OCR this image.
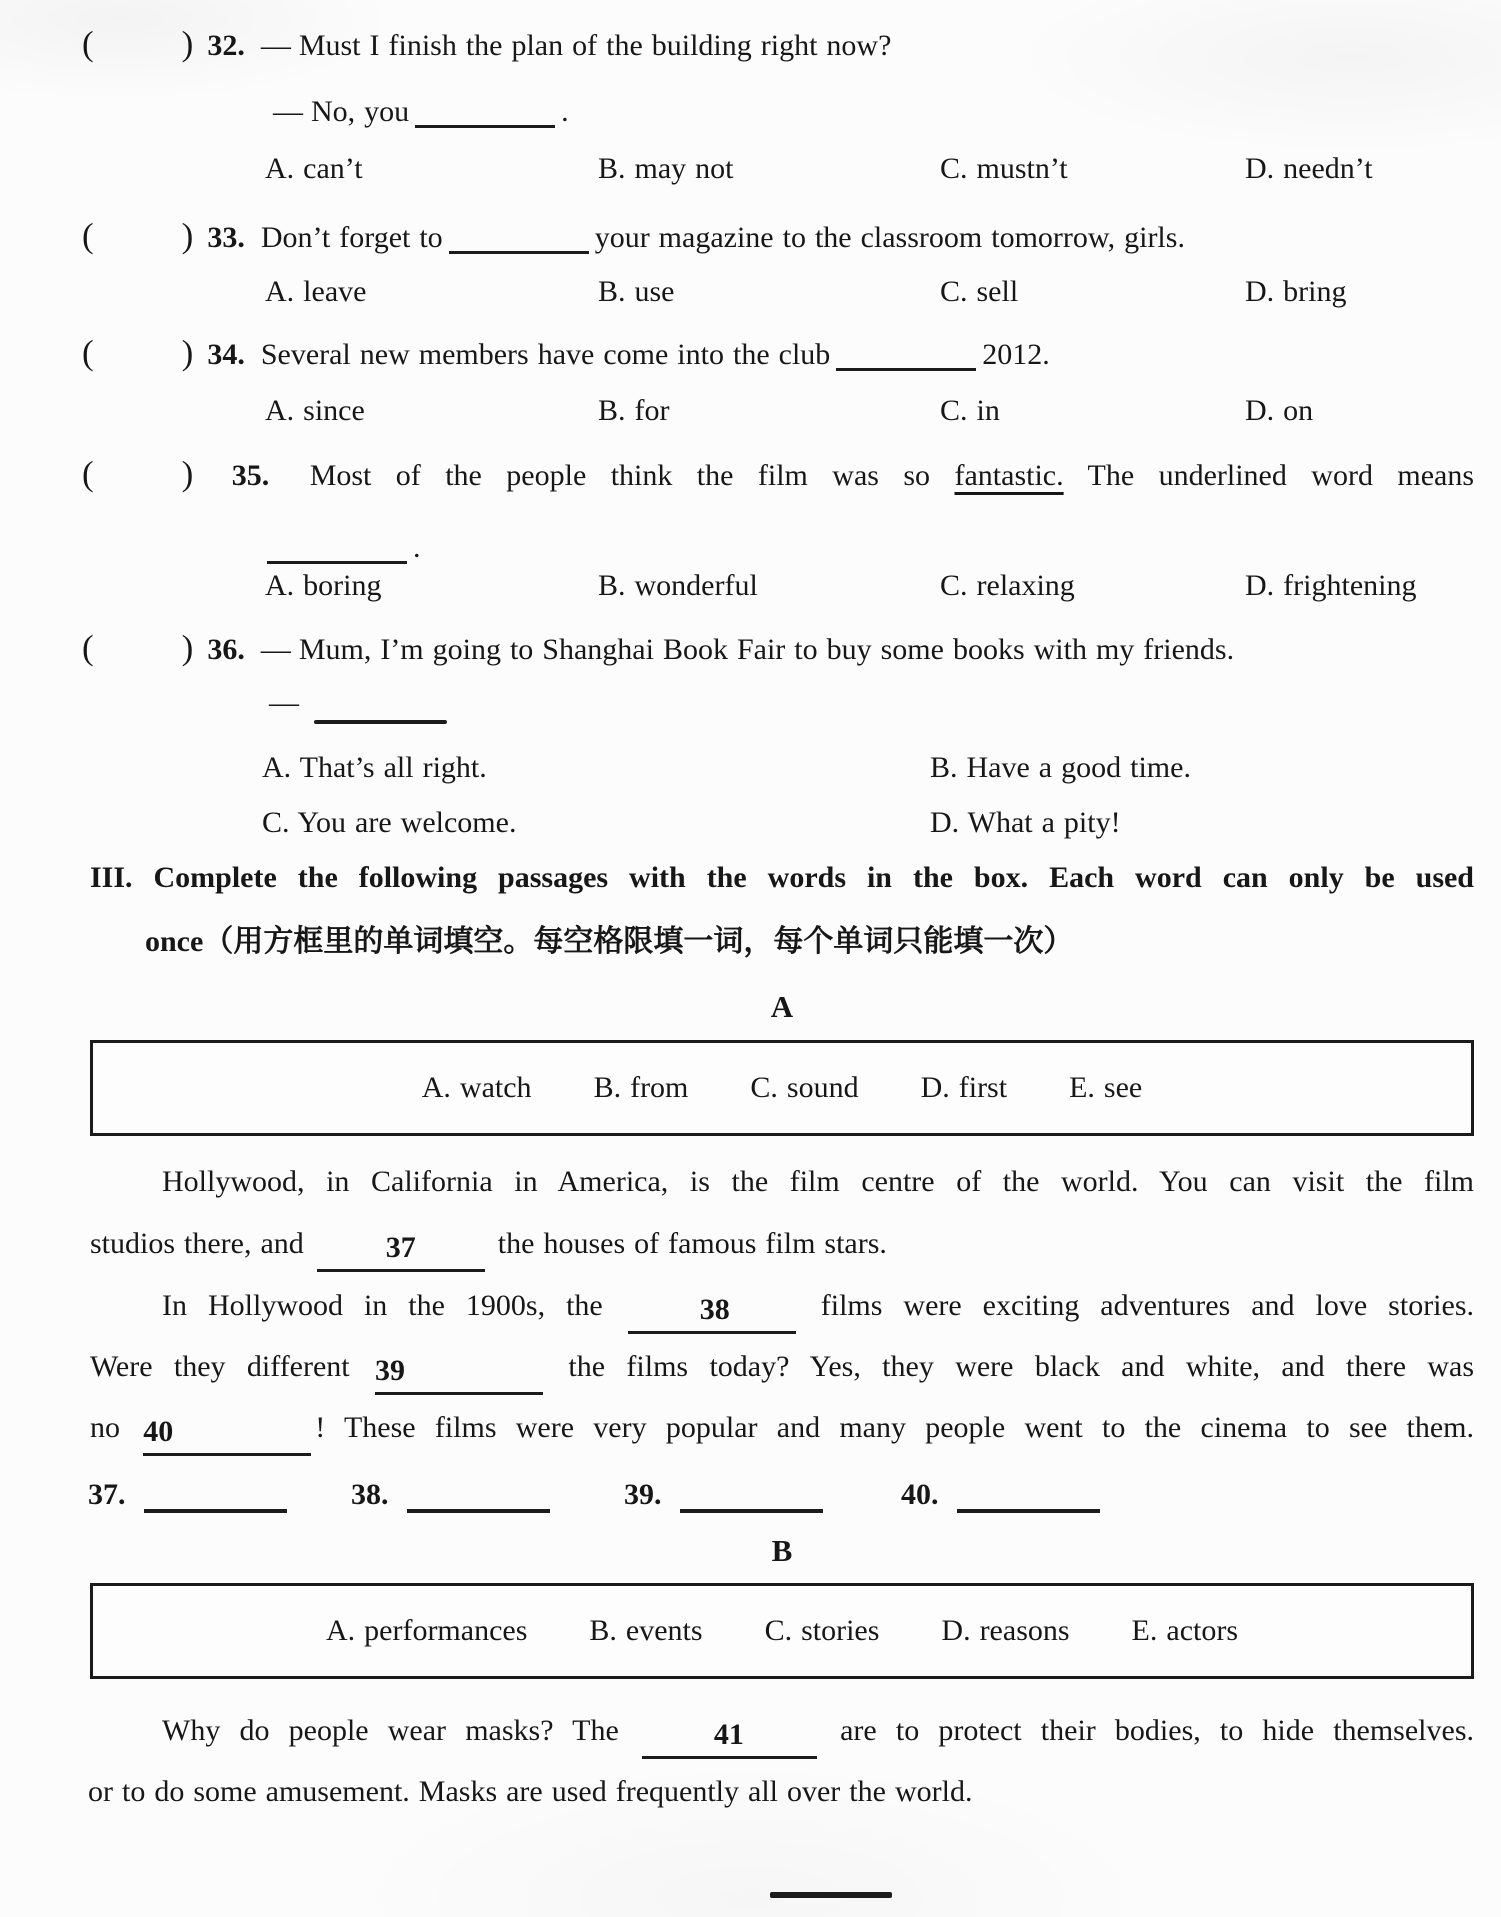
(	) 32. — Must I finish the plan of the building right now?
— No, you	.
A. can’t	B. may not	C. mustn’t	D. needn’t
(	) 33. Don’t forget to	your magazine to the classroom tomorrow, girls.
A. leave	B. use	C. sell	D. bring
(	) 34. Several new members have come into the club	2012.
A. since	B. for	C. in	D. on
(	) 35. Most of the people think the film was so fantastic. The underlined word means
.
A. boring	B. wonderful	C. relaxing	D. frightening
(	) 36. — Mum, I’m going to Shanghai Book Fair to buy some books with my friends.
—
A. That’s all right.	B. Have a good time.
C. You are welcome.	D. What a pity!
III. Complete the following passages with the words in the box. Each word can only be used
once（用方框里的单词填空。每空格限填一词，每个单词只能填一次）
A
A. watch B. from C. sound D. first E. see
Hollywood, in California in America, is the film centre of the world. You can visit the film
studios there, and	37	the houses of famous film stars.
In Hollywood in the 1900s, the	38	films were exciting adventures and love stories.
Were they different 39	the films today? Yes, they were black and white, and there was
no 40	! These films were very popular and many people went to the cinema to see them.
37.	38.	39.	40.
B
A. performances B. events C. stories D. reasons E. actors
Why do people wear masks? The	41	are to protect their bodies, to hide themselves.
or to do some amusement. Masks are used frequently all over the world.
